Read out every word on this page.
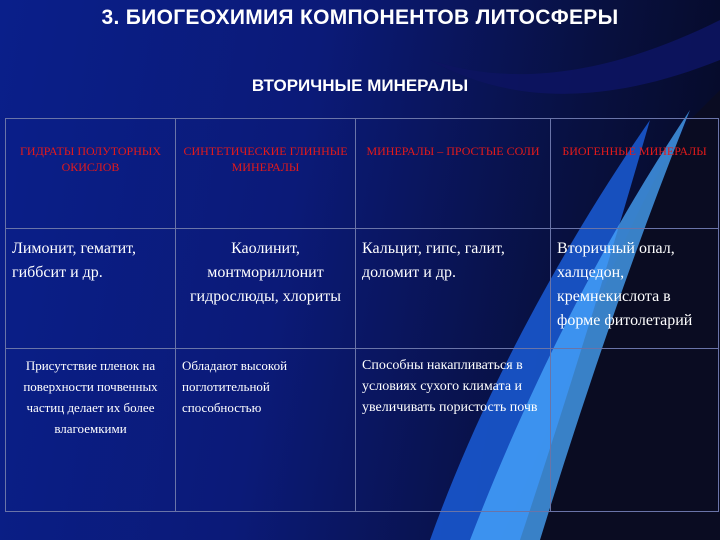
3. БИОГЕОХИМИЯ КОМПОНЕНТОВ ЛИТОСФЕРЫ
ВТОРИЧНЫЕ МИНЕРАЛЫ
ГИДРАТЫ ПОЛУТОРНЫХ ОКИСЛОВ	СИНТЕТИЧЕСКИЕ ГЛИННЫЕ МИНЕРАЛЫ	МИНЕРАЛЫ – ПРОСТЫЕ СОЛИ	БИОГЕННЫЕ МИНЕРАЛЫ
Лимонит, гематит, гиббсит и др.	Каолинит, монтмориллонит гидрослюды, хлориты	Кальцит, гипс, галит, доломит и др.	Вторичный опал, халцедон, кремнекислота в форме фитолетарий
Присутствие пленок на поверхности почвенных частиц делает их более влагоемкими	Обладают высокой поглотительной способностью	Способны накапливаться в условиях сухого климата и увеличивать пористость почв	
